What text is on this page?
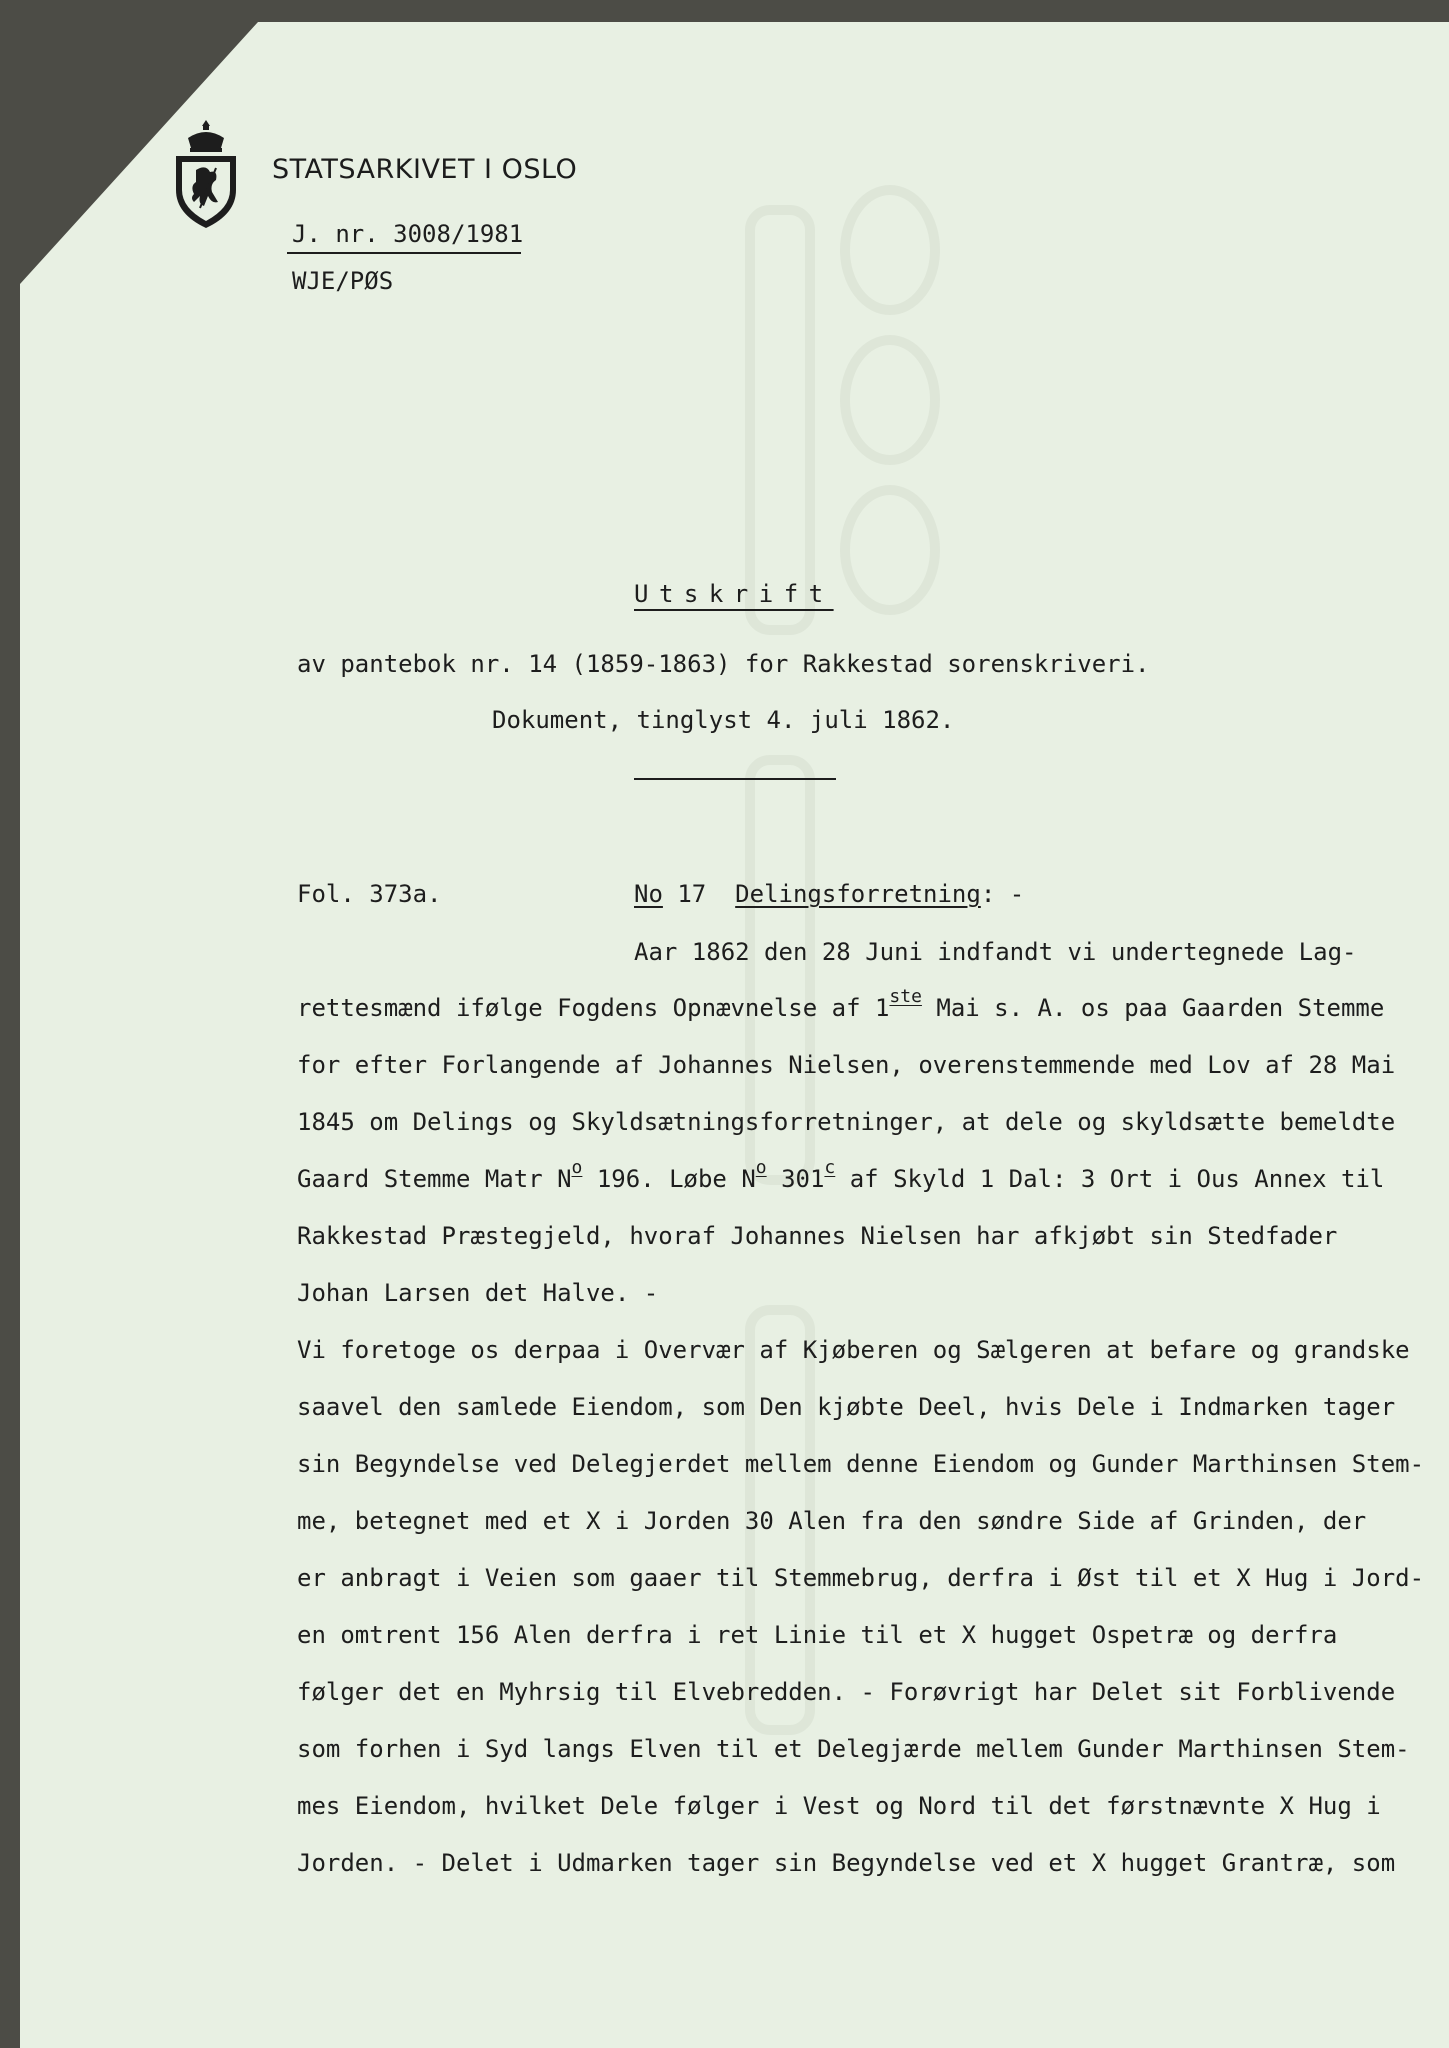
STATSARKIVET I OSLO
J. nr. 3008/1981
WJE/PØS
Utskrift
av pantebok nr. 14 (1859-1863) for Rakkestad sorenskriveri.
Dokument, tinglyst 4. juli 1862.
Fol. 373a.	No 17 Delingsforretning: -
Aar 1862 den 28 Juni indfandt vi undertegnede Lag-
rettesmænd ifølge Fogdens Opnævnelse af 1ste Mai s. A. os paa Gaarden Stemme
for efter Forlangende af Johannes Nielsen, overenstemmende med Lov af 28 Mai
1845 om Delings og Skyldsætningsforretninger, at dele og skyldsætte bemeldte
Gaard Stemme Matr $N^o$ 196. Løbe $N^o$ 301$^c$ af Skyld 1 Dal: 3 Ort i Ous Annex til
Rakkestad Præstegjeld, hvoraf Johannes Nielsen har afkjøbt sin Stedfader
Johan Larsen det Halve. -
Vi foretoge os derpaa i Overvær af Kjøberen og Sælgeren at befare og grandske
saavel den samlede Eiendom, som Den kjøbte Deel, hvis Dele i Indmarken tager
sin Begyndelse ved Delegjerdet mellem denne Eiendom og Gunder Marthinsen Stem-
me, betegnet med et X i Jorden 30 Alen fra den søndre Side af Grinden, der
er anbragt i Veien som gaaer til Stemmebrug, derfra i Øst til et X Hug i Jord-
en omtrent 156 Alen derfra i ret Linie til et X hugget Ospetræ og derfra
følger det en Myhrsig til Elvebredden. - Forøvrigt har Delet sit Forblivende
som forhen i Syd langs Elven til et Delegjærde mellem Gunder Marthinsen Stem-
mes Eiendom, hvilket Dele følger i Vest og Nord til det førstnævnte X Hug i
Jorden. - Delet i Udmarken tager sin Begyndelse ved et X hugget Grantræ, som
